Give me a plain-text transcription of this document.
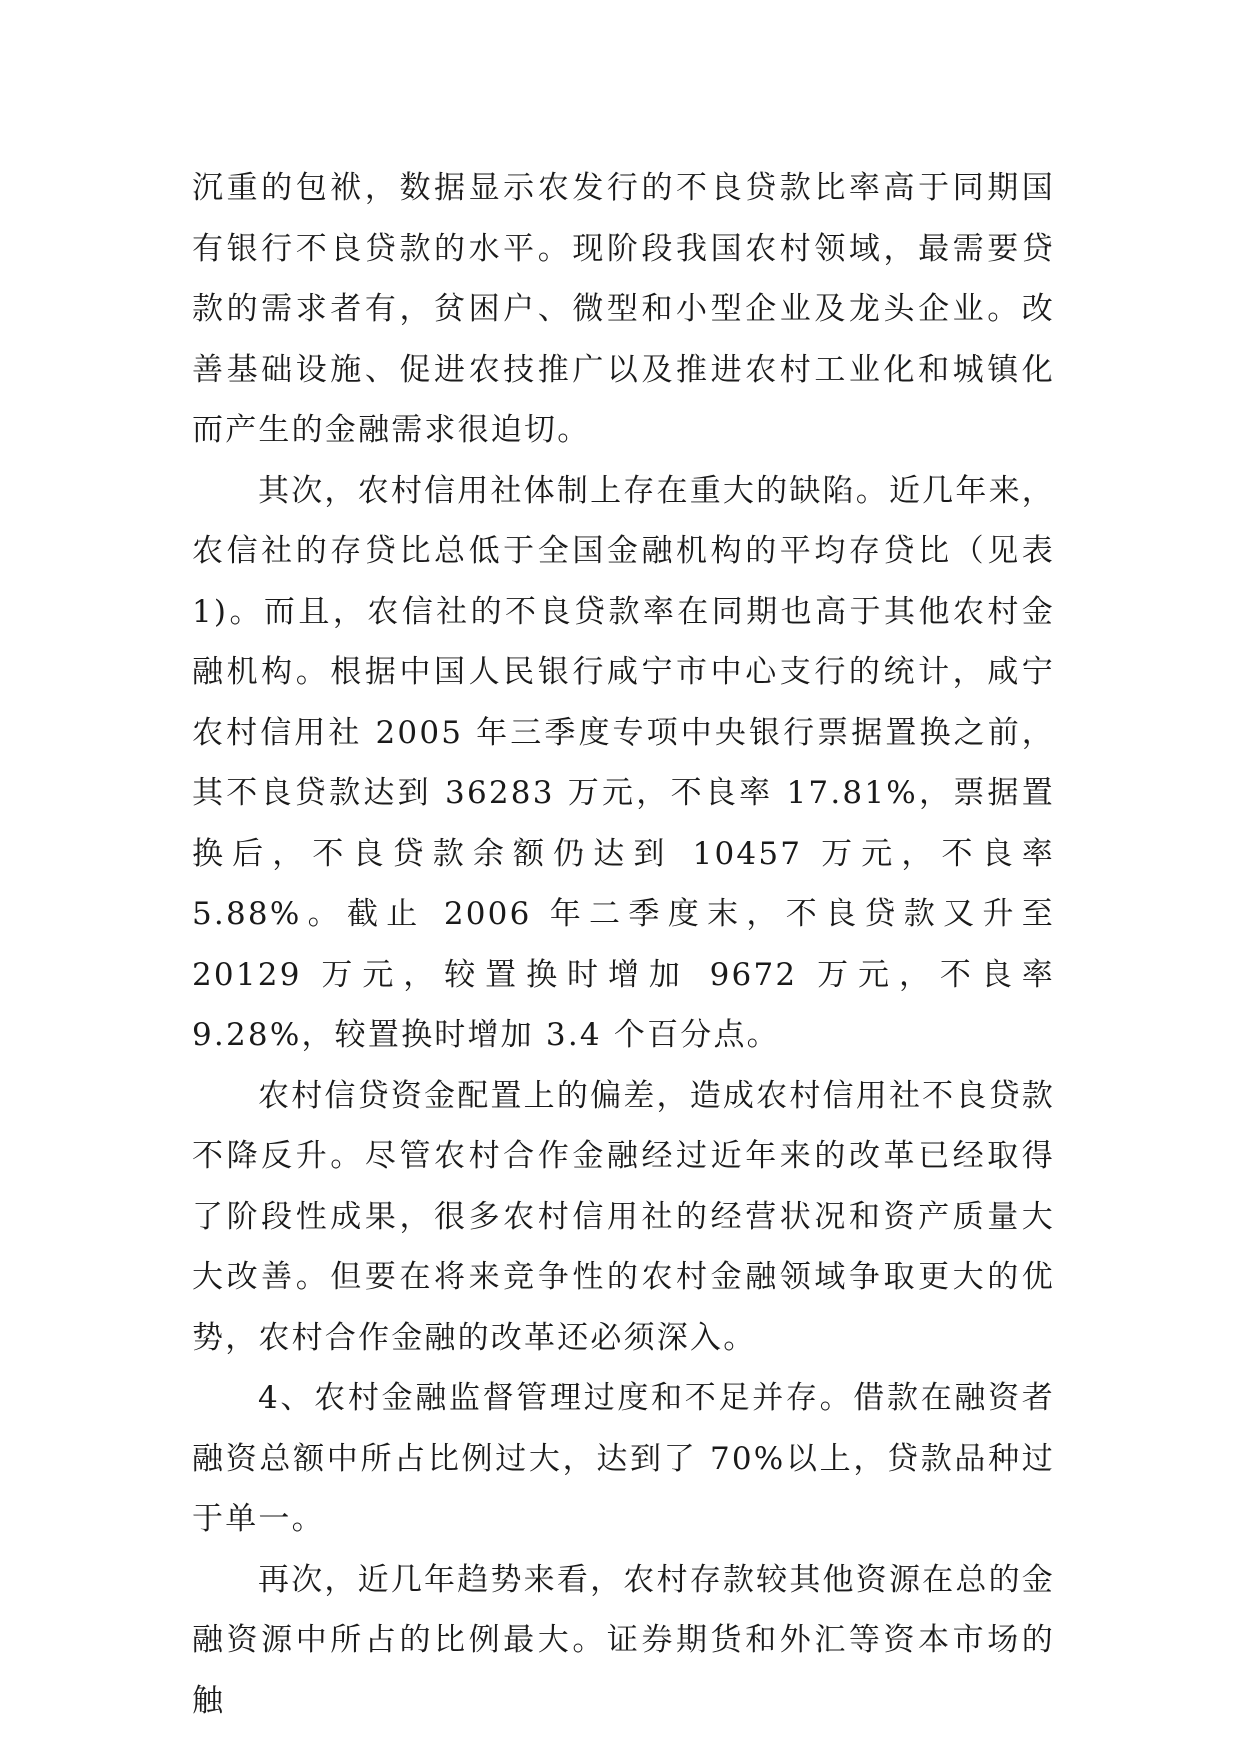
沉重的包袱，数据显示农发行的不良贷款比率高于同期国有银行不良贷款的水平。现阶段我国农村领域，最需要贷款的需求者有，贫困户、微型和小型企业及龙头企业。改善基础设施、促进农技推广以及推进农村工业化和城镇化而产生的金融需求很迫切。

其次，农村信用社体制上存在重大的缺陷。近几年来，农信社的存贷比总低于全国金融机构的平均存贷比（见表1)。而且，农信社的不良贷款率在同期也高于其他农村金融机构。根据中国人民银行咸宁市中心支行的统计，咸宁农村信用社 2005 年三季度专项中央银行票据置换之前，其不良贷款达到 36283 万元，不良率 17.81%，票据置换后，不良贷款余额仍达到 10457 万元，不良率 5.88%。截止 2006 年二季度末，不良贷款又升至 20129 万元，较置换时增加 9672 万元，不良率 9.28%，较置换时增加 3.4 个百分点。

农村信贷资金配置上的偏差，造成农村信用社不良贷款不降反升。尽管农村合作金融经过近年来的改革已经取得了阶段性成果，很多农村信用社的经营状况和资产质量大大改善。但要在将来竞争性的农村金融领域争取更大的优势，农村合作金融的改革还必须深入。

4、农村金融监督管理过度和不足并存。借款在融资者融资总额中所占比例过大，达到了 70%以上，贷款品种过于单一。

再次，近几年趋势来看，农村存款较其他资源在总的金融资源中所占的比例最大。证券期货和外汇等资本市场的触
